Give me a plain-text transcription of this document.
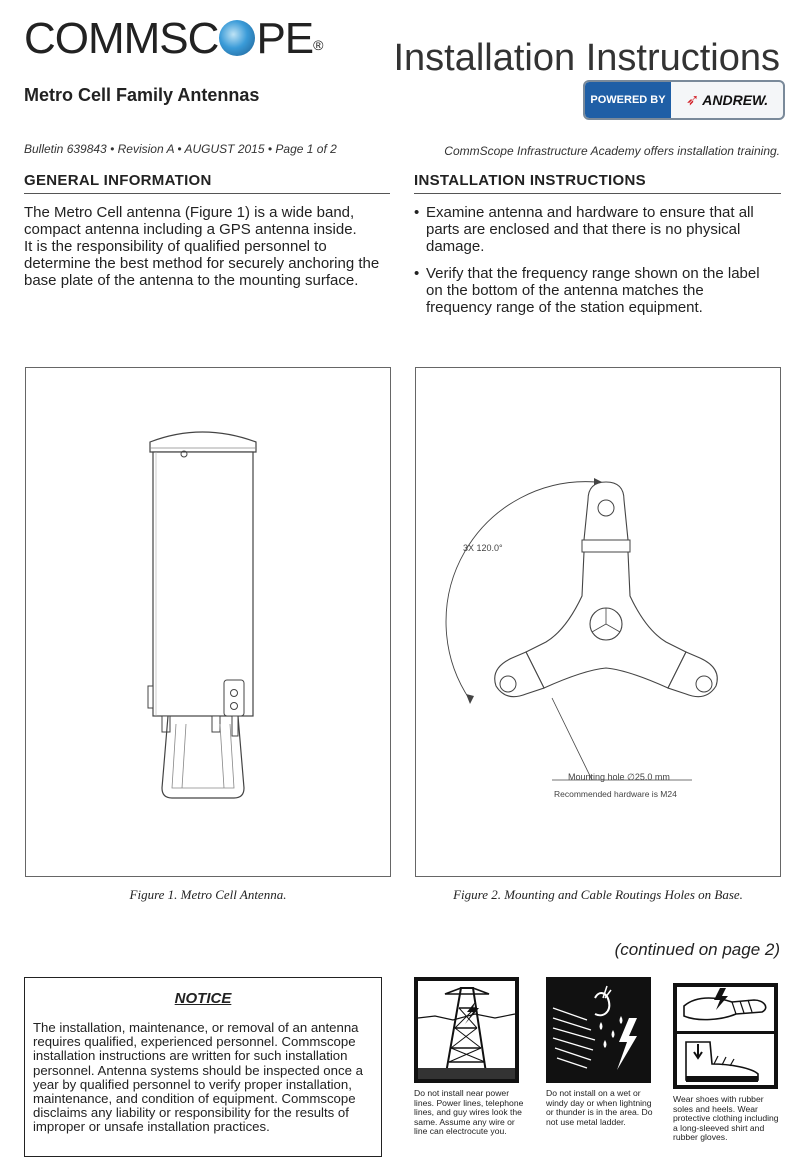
COMMSC PE® Installation Instructions
Metro Cell Family Antennas	POWERED BY	➶ ANDREW.
Bulletin 639843 • Revision A • AUGUST 2015 • Page 1 of 2	CommScope Infrastructure Academy offers installation training.
GENERAL INFORMATION
The Metro Cell antenna (Figure 1) is a wide band, compact antenna including a GPS antenna inside.
It is the responsibility of qualified personnel to determine the best method for securely anchoring the base plate of the antenna to the mounting surface.
INSTALLATION INSTRUCTIONS
• Examine antenna and hardware to ensure that all parts are enclosed and that there is no physical damage.
• Verify that the frequency range shown on the label on the bottom of the antenna matches the frequency range of the station equipment.
Figure 1. Metro Cell Antenna.
3X 120.0°
Mounting hole ∅25.0 mm
Recommended hardware is M24
Figure 2. Mounting and Cable Routings Holes on Base.
(continued on page 2)
NOTICE
The installation, maintenance, or removal of an antenna requires qualified, experienced personnel. Commscope installation instructions are written for such installation personnel. Antenna systems should be inspected once a year by qualified personnel to verify proper installation, maintenance, and condition of equipment. Commscope disclaims any liability or responsibility for the results of improper or unsafe installation practices.
Do not install near power lines. Power lines, telephone lines, and guy wires look the same. Assume any wire or line can electrocute you.
Do not install on a wet or windy day or when lightning or thunder is in the area. Do not use metal ladder.
Wear shoes with rubber soles and heels. Wear protective clothing including a long-sleeved shirt and rubber gloves.
